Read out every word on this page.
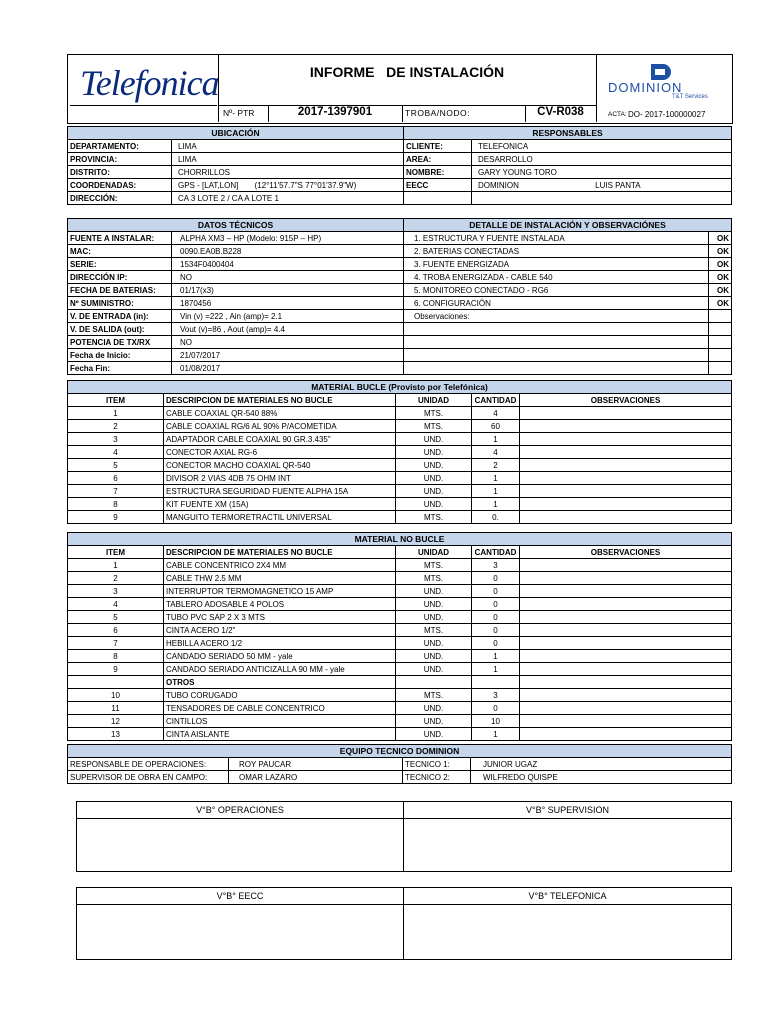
Telefonica	INFORME   DE INSTALACIÓN
Nº- PTR	2017-1397901	TROBA/NODO:	CV-R038
DOMINION
T&T Services
ACTA: DO- 2017-100000027
UBICACIÓN		RESPONSABLES	
DEPARTAMENTO:	LIMA	CLIENTE:	TELEFONICA
PROVINCIA:	LIMA	AREA:	DESARROLLO
DISTRITO:	CHORRILLOS	NOMBRE:	GARY YOUNG TORO
COORDENADAS:	GPS - [LAT,LON] (12°11'57.7"S 77°01'37.9"W)	EECC	DOMINION LUIS PANTA
DIRECCIÓN:	CA 3 LOTE 2 / CA A LOTE 1		
DATOS TÉCNICOS		DETALLE DE INSTALACIÓN Y OBSERVACIÓNES	
FUENTE A INSTALAR:	ALPHA XM3 – HP (Modelo: 915P – HP)	1. ESTRUCTURA Y FUENTE INSTALADA	OK
MAC:	0090.EA0B.B228	2. BATERIAS CONECTADAS	OK
SERIE:	1534F0400404	3. FUENTE ENERGIZADA	OK
DIRECCIÓN IP:	NO	4. TROBA ENERGIZADA - CABLE 540	OK
FECHA DE BATERIAS:	01/17(x3)	5. MONITOREO CONECTADO - RG6	OK
Nº SUMINISTRO:	1870456	6. CONFIGURACIÓN	OK
V. DE ENTRADA (in):	Vin (v) =222 , Ain (amp)= 2.1	Observaciones:	
V. DE SALIDA (out):	Vout (v)=86 , Aout (amp)= 4.4		
POTENCIA DE TX/RX	NO		
Fecha de Inicio:	21/07/2017		
Fecha Fin:	01/08/2017		
MATERIAL BUCLE (Provisto por Telefónica)				
ITEM	DESCRIPCION DE MATERIALES NO BUCLE	UNIDAD	CANTIDAD	OBSERVACIONES
1	CABLE COAXIAL QR-540 88%	MTS.	4	
2	CABLE COAXIAL RG/6 AL 90% P/ACOMETIDA	MTS.	60	
3	ADAPTADOR CABLE COAXIAL 90 GR.3.435"	UND.	1	
4	CONECTOR AXIAL RG-6	UND.	4	
5	CONECTOR MACHO COAXIAL QR-540	UND.	2	
6	DIVISOR 2 VIAS 4DB 75 OHM INT	UND.	1	
7	ESTRUCTURA SEGURIDAD FUENTE ALPHA 15A	UND.	1	
8	KIT FUENTE XM (15A)	UND.	1	
9	MANGUITO TERMORETRACTIL UNIVERSAL	MTS.	0.	
MATERIAL NO BUCLE				
ITEM	DESCRIPCION DE MATERIALES NO BUCLE	UNIDAD	CANTIDAD	OBSERVACIONES
1	CABLE CONCENTRICO 2X4 MM	MTS.	3	
2	CABLE THW 2.5 MM	MTS.	0	
3	INTERRUPTOR TERMOMAGNETICO 15 AMP	UND.	0	
4	TABLERO ADOSABLE 4 POLOS	UND.	0	
5	TUBO PVC SAP 2 X 3 MTS	UND.	0	
6	CINTA ACERO 1/2"	MTS.	0	
7	HEBILLA ACERO 1/2	UND.	0	
8	CANDADO SERIADO 50 MM - yale	UND.	1	
9	CANDADO SERIADO ANTICIZALLA 90 MM - yale	UND.	1	
	OTROS			
10	TUBO CORUGADO	MTS.	3	
11	TENSADORES DE CABLE CONCENTRICO	UND.	0	
12	CINTILLOS	UND.	10	
13	CINTA AISLANTE	UND.	1	
EQUIPO TECNICO DOMINION			
RESPONSABLE DE OPERACIONES:	ROY PAUCAR	TECNICO 1:	JUNIOR UGAZ
SUPERVISOR DE OBRA EN CAMPO:	OMAR LAZARO	TECNICO 2:	WILFREDO QUISPE
V°B° OPERACIONES	V°B° SUPERVISION

V°B° EECC	V°B° TELEFONICA
